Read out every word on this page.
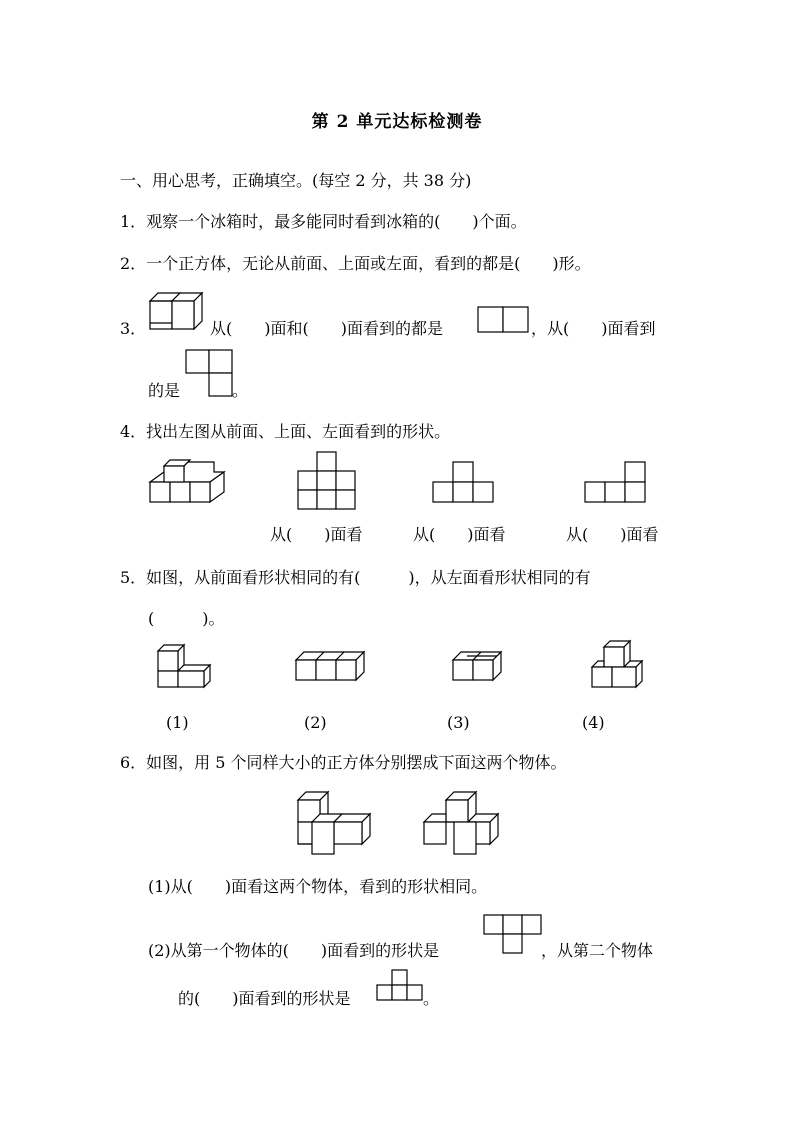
第 2 单元达标检测卷
一、用心思考，正确填空。(每空 2 分，共 38 分)
1．观察一个冰箱时，最多能同时看到冰箱的(　　)个面。
2．一个正方体，无论从前面、上面或左面，看到的都是(　　)形。
3．	从(　　)面和(　　)面看到的都是	，从(　　)面看到
的是	。
4．找出左图从前面、上面、左面看到的形状。
从(　　)面看	从(　　)面看	从(　　)面看
5．如图，从前面看形状相同的有(　　　)，从左面看形状相同的有
(　　　)。
(1)	(2)	(3)	(4)
6．如图，用 5 个同样大小的正方体分别摆成下面这两个物体。
(1)从(　　)面看这两个物体，看到的形状相同。
(2)从第一个物体的(　　)面看到的形状是	，从第二个物体
的(　　)面看到的形状是	。
